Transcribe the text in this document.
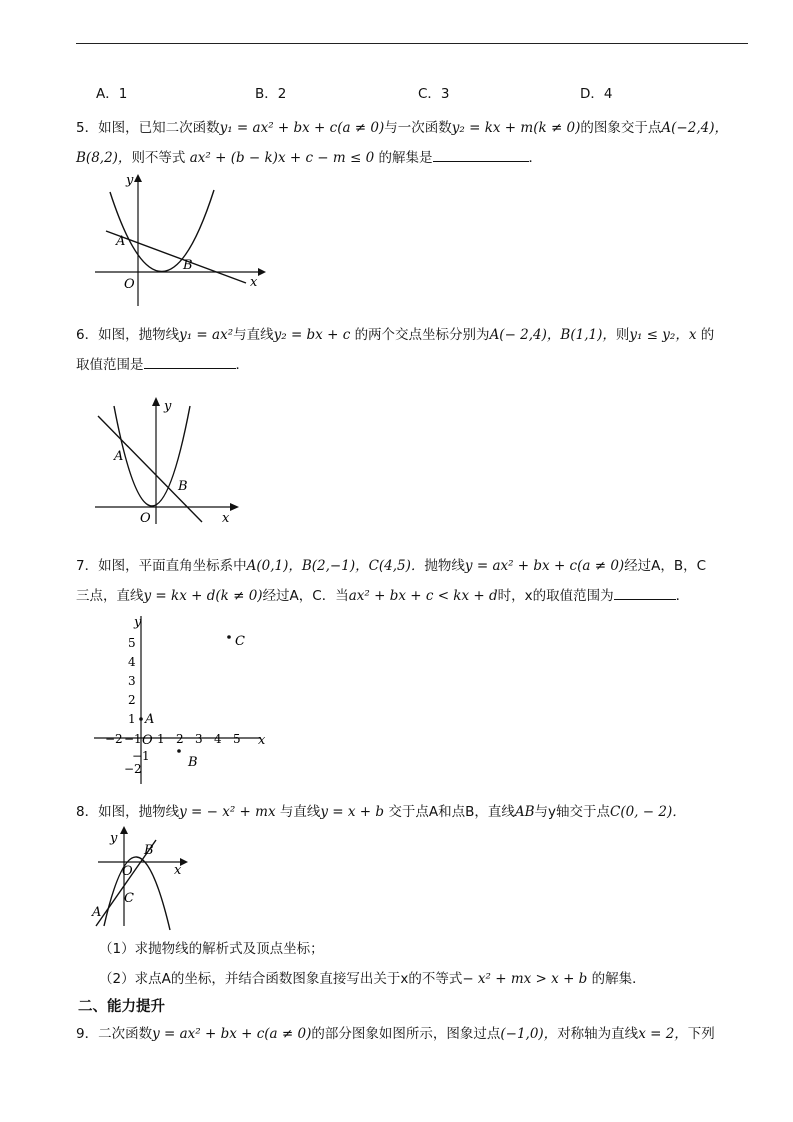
A．1	B．2	C．3	D．4
5．如图，已知二次函数y₁ = ax² + bx + c(a ≠ 0)与一次函数y₂ = kx + m(k ≠ 0)的图象交于点A(−2,4)，
B(8,2)，则不等式 ax² + (b − k)x + c − m ≤ 0 的解集是	．
y
x
O
A
B
6．如图，抛物线y₁ = ax²与直线y₂ = bx + c 的两个交点坐标分别为A(− 2,4)，B(1,1)，则y₁ ≤ y₂，x 的
取值范围是	．
y
x
O
A
B
7．如图，平面直角坐标系中A(0,1)，B(2,−1)，C(4,5)．抛物线y = ax² + bx + c(a ≠ 0)经过A，B，C
三点，直线y = kx + d(k ≠ 0)经过A，C．当ax² + bx + c < kx + d时，x的取值范围为	．
y
x
O
−2 −1 1 2 3 4 5
5
4
3
2
1
−1
−2
A
B
C
8．如图，抛物线y = − x² + mx 与直线y = x + b 交于点A和点B，直线AB与y轴交于点C(0, − 2)．
y
x
O
B
C
A
（1）求抛物线的解析式及顶点坐标；
（2）求点A的坐标，并结合函数图象直接写出关于x的不等式− x² + mx > x + b 的解集．
二、能力提升
9．二次函数y = ax² + bx + c(a ≠ 0)的部分图象如图所示，图象过点(−1,0)，对称轴为直线x = 2，下列
